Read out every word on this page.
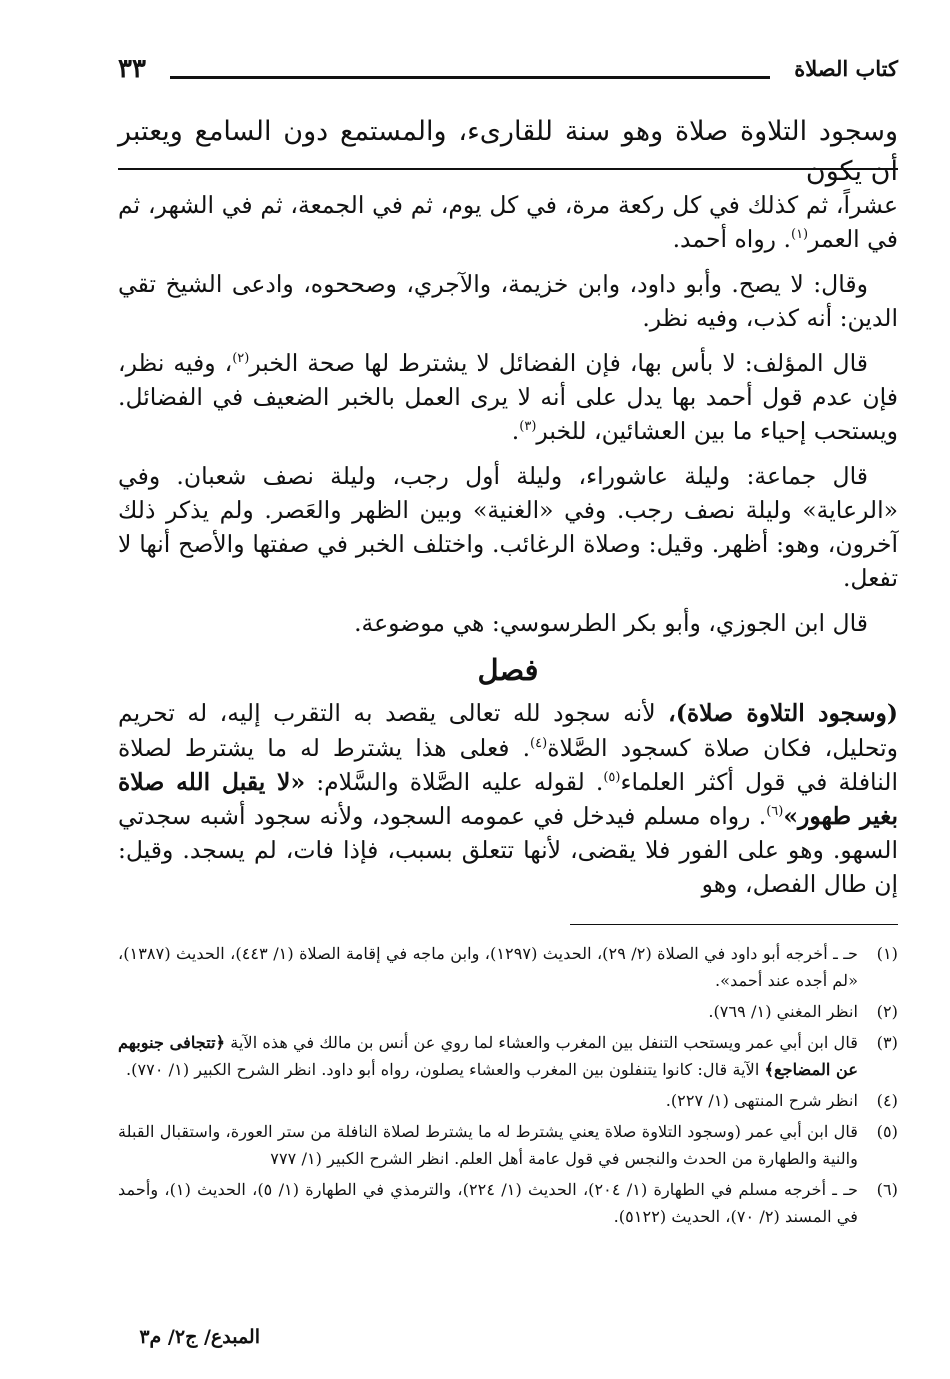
كتاب الصلاة
٣٣
وسجود التلاوة صلاة وهو سنة للقارىء، والمستمع دون السامع ويعتبر أن يكون

عشراً، ثم كذلك في كل ركعة مرة، في كل يوم، ثم في الجمعة، ثم في الشهر، ثم في العمر$^{(١)}$. رواه أحمد.

وقال: لا يصح. وأبو داود، وابن خزيمة، والآجري، وصححوه، وادعى الشيخ تقي الدين: أنه كذب، وفيه نظر.

قال المؤلف: لا بأس بها، فإن الفضائل لا يشترط لها صحة الخبر$^{(٢)}$، وفيه نظر، فإن عدم قول أحمد بها يدل على أنه لا يرى العمل بالخبر الضعيف في الفضائل. ويستحب إحياء ما بين العشائين، للخبر$^{(٣)}$.

قال جماعة: وليلة عاشوراء، وليلة أول رجب، وليلة نصف شعبان. وفي «الرعاية» وليلة نصف رجب. وفي «الغنية» وبين الظهر والعَصر. ولم يذكر ذلك آخرون، وهو: أظهر. وقيل: وصلاة الرغائب. واختلف الخبر في صفتها والأصح أنها لا تفعل.

قال ابن الجوزي، وأبو بكر الطرسوسي: هي موضوعة.

فصل

(وسجود التلاوة صلاة)، لأنه سجود لله تعالى يقصد به التقرب إليه، له تحريم وتحليل، فكان صلاة كسجود الصَّلاة$^{(٤)}$. فعلى هذا يشترط له ما يشترط لصلاة النافلة في قول أكثر العلماء$^{(٥)}$. لقوله عليه الصَّلاة والسَّلام: «لا يقبل الله صلاة بغير طهور»$^{(٦)}$. رواه مسلم فيدخل في عمومه السجود، ولأنه سجود أشبه سجدتي السهو. وهو على الفور فلا يقضى، لأنها تتعلق بسبب، فإذا فات، لم يسجد. وقيل: إن طال الفصل، وهو

(١)
حـ ـ أخرجه أبو داود في الصلاة (٢/ ٢٩)، الحديث (١٢٩٧)، وابن ماجه في إقامة الصلاة (١/ ٤٤٣)، الحديث (١٣٨٧)، «لم أجده عند أحمد».
(٢)
انظر المغني (١/ ٧٦٩).
(٣)
قال ابن أبي عمر ويستحب التنفل بين المغرب والعشاء لما روي عن أنس بن مالك في هذه الآية ﴿تتجافى جنوبهم عن المضاجع﴾ الآية قال: كانوا يتنفلون بين المغرب والعشاء يصلون، رواه أبو داود. انظر الشرح الكبير (١/ ٧٧٠).
(٤)
انظر شرح المنتهى (١/ ٢٢٧).
(٥)
قال ابن أبي عمر (وسجود التلاوة صلاة يعني يشترط له ما يشترط لصلاة النافلة من ستر العورة، واستقبال القبلة والنية والطهارة من الحدث والنجس في قول عامة أهل العلم. انظر الشرح الكبير (١/ ٧٧٧
(٦)
حـ ـ أخرجه مسلم في الطهارة (١/ ٢٠٤)، الحديث (١/ ٢٢٤)، والترمذي في الطهارة (١/ ٥)، الحديث (١)، وأحمد في المسند (٢/ ٧٠)، الحديث (٥١٢٢).
المبدع/ ج٢/ م٣
